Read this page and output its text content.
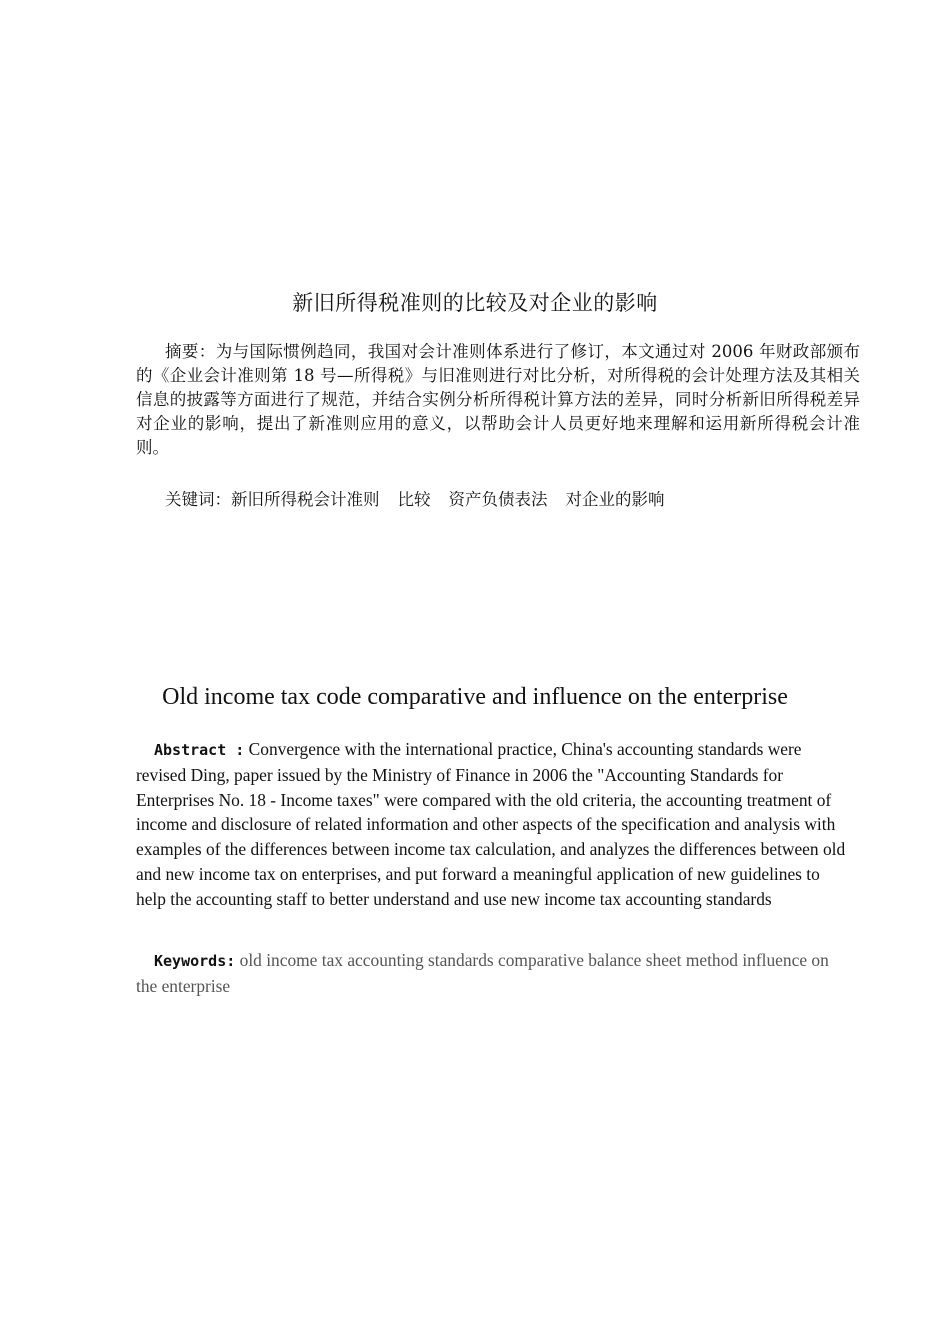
新旧所得税准则的比较及对企业的影响
摘要：为与国际惯例趋同，我国对会计准则体系进行了修订，本文通过对 2006 年财政部颁布的《企业会计准则第 18 号—所得税》与旧准则进行对比分析，对所得税的会计处理方法及其相关信息的披露等方面进行了规范，并结合实例分析所得税计算方法的差异，同时分析新旧所得税差异对企业的影响，提出了新准则应用的意义，以帮助会计人员更好地来理解和运用新所得税会计准则。
关键词：新旧所得税会计准则 比较 资产负债表法 对企业的影响
Old income tax code comparative and influence on the enterprise
Abstract : Convergence with the international practice, China's accounting standards were revised Ding, paper issued by the Ministry of Finance in 2006 the "Accounting Standards for Enterprises No. 18 - Income taxes" were compared with the old criteria, the accounting treatment of income and disclosure of related information and other aspects of the specification and analysis with examples of the differences between income tax calculation, and analyzes the differences between old and new income tax on enterprises, and put forward a meaningful application of new guidelines to help the accounting staff to better understand and use new income tax accounting standards
Keywords: old income tax accounting standards comparative balance sheet method influence on the enterprise
